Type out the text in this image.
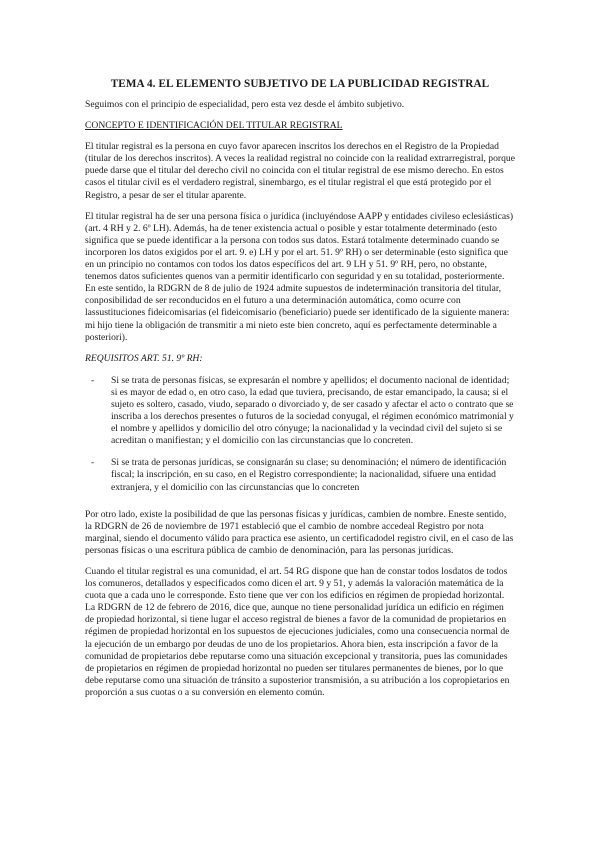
TEMA 4. EL ELEMENTO SUBJETIVO DE LA PUBLICIDAD REGISTRAL

Seguimos con el principio de especialidad, pero esta vez desde el ámbito subjetivo.

CONCEPTO E IDENTIFICACIÓN DEL TITULAR REGISTRAL

El titular registral es la persona en cuyo favor aparecen inscritos los derechos en el Registro de la Propiedad (titular de los derechos inscritos). A veces la realidad registral no coincide con la realidad extrarregistral, porque puede darse que el titular del derecho civil no coincida con el titular registral de ese mismo derecho. En estos casos el titular civil es el verdadero registral, sinembargo, es el titular registral el que está protegido por el Registro, a pesar de ser el titular aparente.

El titular registral ha de ser una persona física o jurídica (incluyéndose AAPP y entidades civileso eclesiásticas) (art. 4 RH y 2. 6º LH). Además, ha de tener existencia actual o posible y estar totalmente determinado (esto significa que se puede identificar a la persona con todos sus datos. Estará totalmente determinado cuando se incorporen los datos exigidos por el art. 9. e) LH y por el art. 51. 9º RH) o ser determinable (esto significa que en un principio no contamos con todos los datos específicos del art. 9 LH y 51. 9º RH, pero, no obstante, tenemos datos suficientes quenos van a permitir identificarlo con seguridad y en su totalidad, posteriormente. En este sentido, la RDGRN de 8 de julio de 1924 admite supuestos de indeterminación transitoria del titular, conposibilidad de ser reconducidos en el futuro a una determinación automática, como ocurre con lassustituciones fideicomisarias (el fideicomisario (beneficiario) puede ser identificado de la siguiente manera: mi hijo tiene la obligación de transmitir a mi nieto este bien concreto, aquí es perfectamente determinable a posteriori).

REQUISITOS ART. 51. 9º RH:

- Si se trata de personas físicas, se expresarán el nombre y apellidos; el documento nacional de identidad; si es mayor de edad o, en otro caso, la edad que tuviera, precisando, de estar emancipado, la causa; si el sujeto es soltero, casado, viudo, separado o divorciado y, de ser casado y afectar el acto o contrato que se inscriba a los derechos presentes o futuros de la sociedad conyugal, el régimen económico matrimonial y el nombre y apellidos y domicilio del otro cónyuge; la nacionalidad y la vecindad civil del sujeto si se acreditan o manifiestan; y el domicilio con las circunstancias que lo concreten.
- Si se trata de personas jurídicas, se consignarán su clase; su denominación; el número de identificación fiscal; la inscripción, en su caso, en el Registro correspondiente; la nacionalidad, sifuere una entidad extranjera, y el domicilio con las circunstancias que lo concreten

Por otro lado, existe la posibilidad de que las personas físicas y jurídicas, cambien de nombre. Eneste sentido, la RDGRN de 26 de noviembre de 1971 estableció que el cambio de nombre accedeal Registro por nota marginal, siendo el documento válido para practica ese asiento, un certificadodel registro civil, en el caso de las personas físicas o una escritura pública de cambio de denominación, para las personas jurídicas.

Cuando el titular registral es una comunidad, el art. 54 RG dispone que han de constar todos losdatos de todos los comuneros, detallados y especificados como dicen el art. 9 y 51, y además la valoración matemática de la cuota que a cada uno le corresponde. Esto tiene que ver con los edificios en régimen de propiedad horizontal. La RDGRN de 12 de febrero de 2016, dice que, aunque no tiene personalidad jurídica un edificio en régimen de propiedad horizontal, si tiene lugar el acceso registral de bienes a favor de la comunidad de propietarios en régimen de propiedad horizontal en los supuestos de ejecuciones judiciales, como una consecuencia normal de la ejecución de un embargo por deudas de uno de los propietarios. Ahora bien, esta inscripción a favor de la comunidad de propietarios debe reputarse como una situación excepcional y transitoria, pues las comunidades de propietarios en régimen de propiedad horizontal no pueden ser titulares permanentes de bienes, por lo que debe reputarse como una situación de tránsito a suposterior transmisión, a su atribución a los copropietarios en proporción a sus cuotas o a su conversión en elemento común.
